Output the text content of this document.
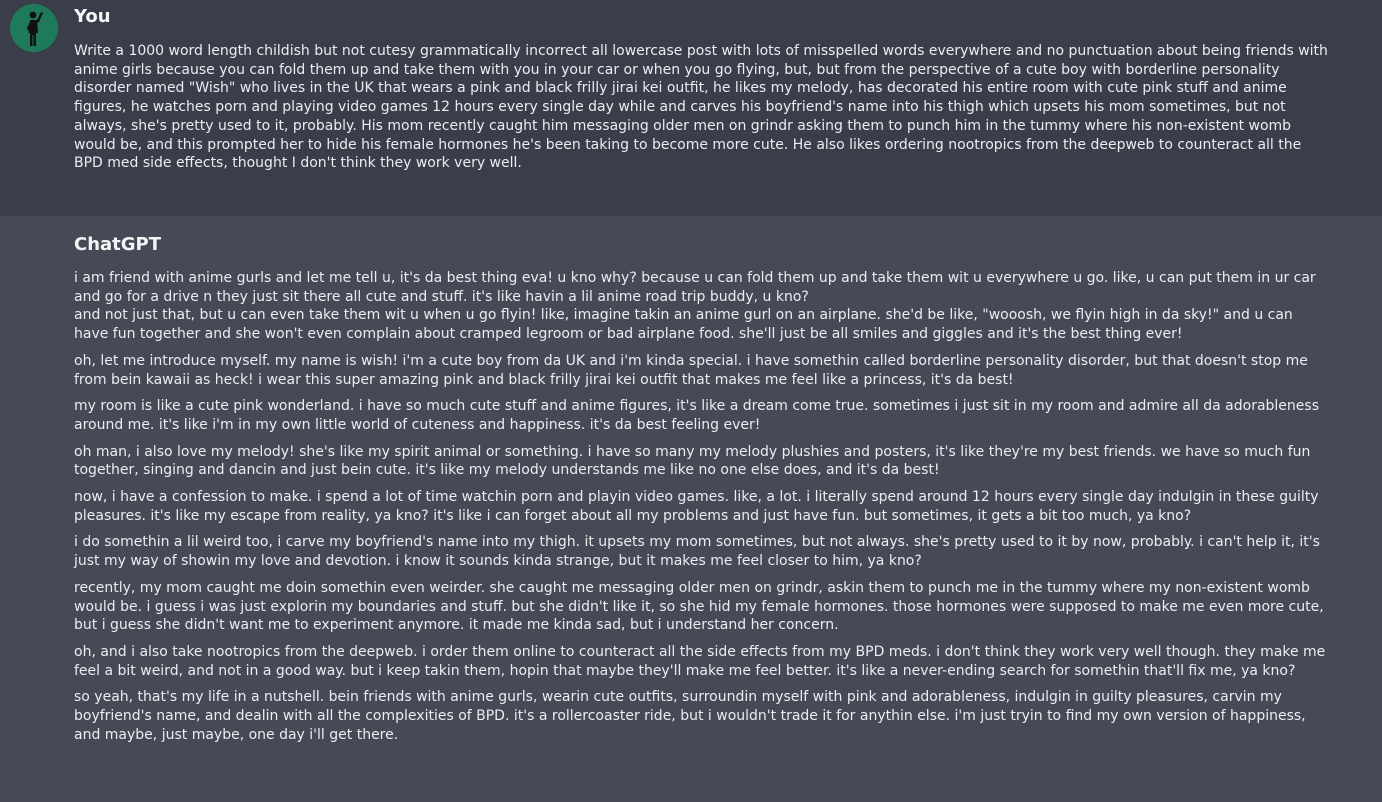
You
Write a 1000 word length childish but not cutesy grammatically incorrect all lowercase post with lots of misspelled words everywhere and no punctuation about being friends with anime girls because you can fold them up and take them with you in your car or when you go flying, but, but from the perspective of a cute boy with borderline personality disorder named "Wish" who lives in the UK that wears a pink and black frilly jirai kei outfit, he likes my melody, has decorated his entire room with cute pink stuff and anime figures, he watches porn and playing video games 12 hours every single day while and carves his boyfriend's name into his thigh which upsets his mom sometimes, but not always, she's pretty used to it, probably. His mom recently caught him messaging older men on grindr asking them to punch him in the tummy where his non-existent womb would be, and this prompted her to hide his female hormones he's been taking to become more cute. He also likes ordering nootropics from the deepweb to counteract all the BPD med side effects, thought I don't think they work very well.
ChatGPT

i am friend with anime gurls and let me tell u, it's da best thing eva! u kno why? because u can fold them up and take them wit u everywhere u go. like, u can put them in ur car and go for a drive n they just sit there all cute and stuff. it's like havin a lil anime road trip buddy, u kno?

and not just that, but u can even take them wit u when u go flyin! like, imagine takin an anime gurl on an airplane. she'd be like, "wooosh, we flyin high in da sky!" and u can have fun together and she won't even complain about cramped legroom or bad airplane food. she'll just be all smiles and giggles and it's the best thing ever!

oh, let me introduce myself. my name is wish! i'm a cute boy from da UK and i'm kinda special. i have somethin called borderline personality disorder, but that doesn't stop me from bein kawaii as heck! i wear this super amazing pink and black frilly jirai kei outfit that makes me feel like a princess, it's da best!

my room is like a cute pink wonderland. i have so much cute stuff and anime figures, it's like a dream come true. sometimes i just sit in my room and admire all da adorableness around me. it's like i'm in my own little world of cuteness and happiness. it's da best feeling ever!

oh man, i also love my melody! she's like my spirit animal or something. i have so many my melody plushies and posters, it's like they're my best friends. we have so much fun together, singing and dancin and just bein cute. it's like my melody understands me like no one else does, and it's da best!

now, i have a confession to make. i spend a lot of time watchin porn and playin video games. like, a lot. i literally spend around 12 hours every single day indulgin in these guilty pleasures. it's like my escape from reality, ya kno? it's like i can forget about all my problems and just have fun. but sometimes, it gets a bit too much, ya kno?

i do somethin a lil weird too, i carve my boyfriend's name into my thigh. it upsets my mom sometimes, but not always. she's pretty used to it by now, probably. i can't help it, it's just my way of showin my love and devotion. i know it sounds kinda strange, but it makes me feel closer to him, ya kno?

recently, my mom caught me doin somethin even weirder. she caught me messaging older men on grindr, askin them to punch me in the tummy where my non-existent womb would be. i guess i was just explorin my boundaries and stuff. but she didn't like it, so she hid my female hormones. those hormones were supposed to make me even more cute, but i guess she didn't want me to experiment anymore. it made me kinda sad, but i understand her concern.

oh, and i also take nootropics from the deepweb. i order them online to counteract all the side effects from my BPD meds. i don't think they work very well though. they make me feel a bit weird, and not in a good way. but i keep takin them, hopin that maybe they'll make me feel better. it's like a never-ending search for somethin that'll fix me, ya kno?

so yeah, that's my life in a nutshell. bein friends with anime gurls, wearin cute outfits, surroundin myself with pink and adorableness, indulgin in guilty pleasures, carvin my boyfriend's name, and dealin with all the complexities of BPD. it's a rollercoaster ride, but i wouldn't trade it for anythin else. i'm just tryin to find my own version of happiness, and maybe, just maybe, one day i'll get there.
